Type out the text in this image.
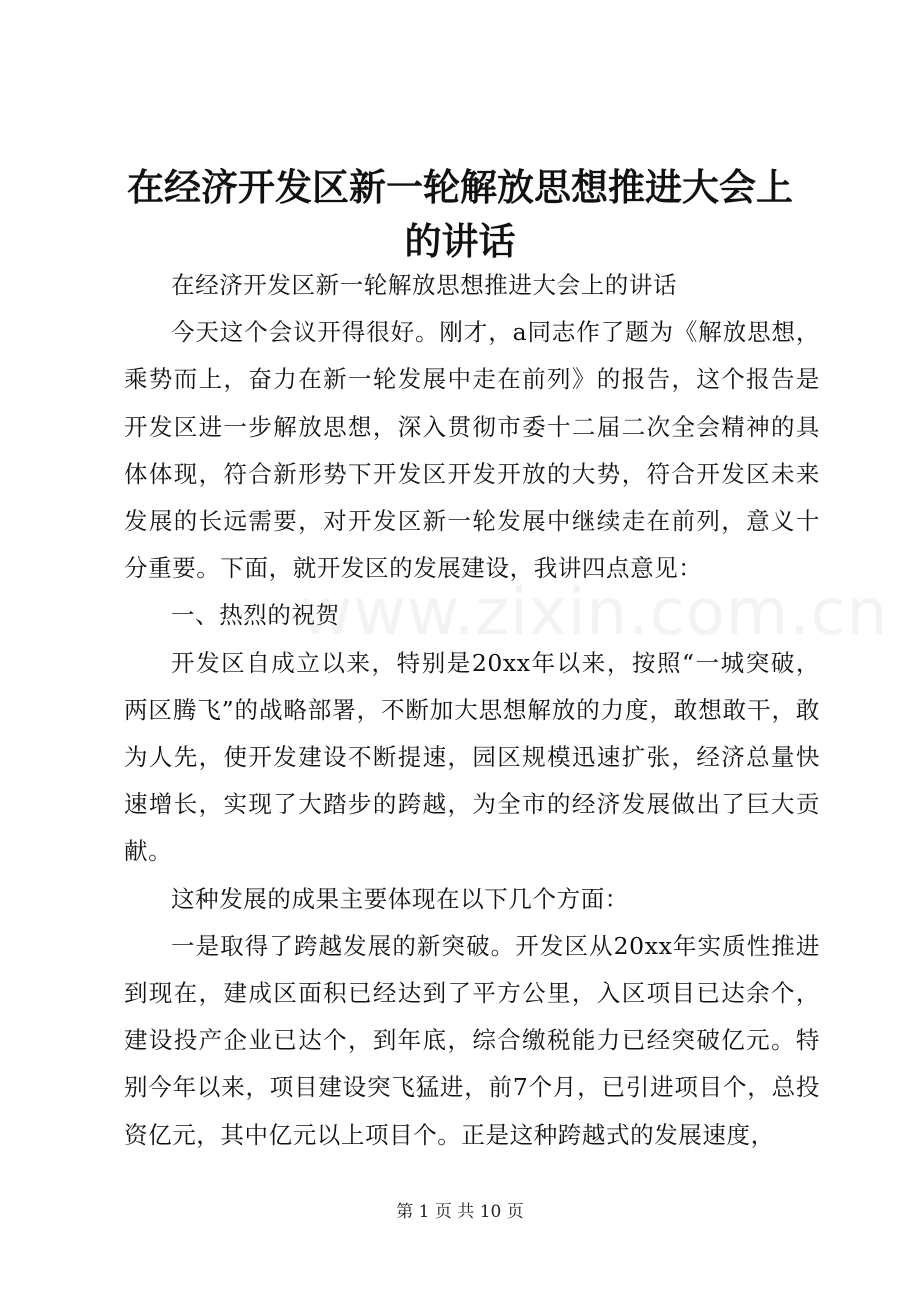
www.zixin.com.cn
在经济开发区新一轮解放思想推进大会上的讲话

在经济开发区新一轮解放思想推进大会上的讲话

今天这个会议开得很好。刚才，a同志作了题为《解放思想，乘势而上，奋力在新一轮发展中走在前列》的报告，这个报告是开发区进一步解放思想，深入贯彻市委十二届二次全会精神的具体体现，符合新形势下开发区开发开放的大势，符合开发区未来发展的长远需要，对开发区新一轮发展中继续走在前列，意义十分重要。下面，就开发区的发展建设，我讲四点意见：

一、热烈的祝贺

开发区自成立以来，特别是20xx年以来，按照“一城突破，两区腾飞”的战略部署，不断加大思想解放的力度，敢想敢干，敢为人先，使开发建设不断提速，园区规模迅速扩张，经济总量快速增长，实现了大踏步的跨越，为全市的经济发展做出了巨大贡献。

这种发展的成果主要体现在以下几个方面：

一是取得了跨越发展的新突破。开发区从20xx年实质性推进到现在，建成区面积已经达到了平方公里，入区项目已达余个，建设投产企业已达个，到年底，综合缴税能力已经突破亿元。特别今年以来，项目建设突飞猛进，前7个月，已引进项目个，总投资亿元，其中亿元以上项目个。正是这种跨越式的发展速度，

第 1 页 共 10 页
